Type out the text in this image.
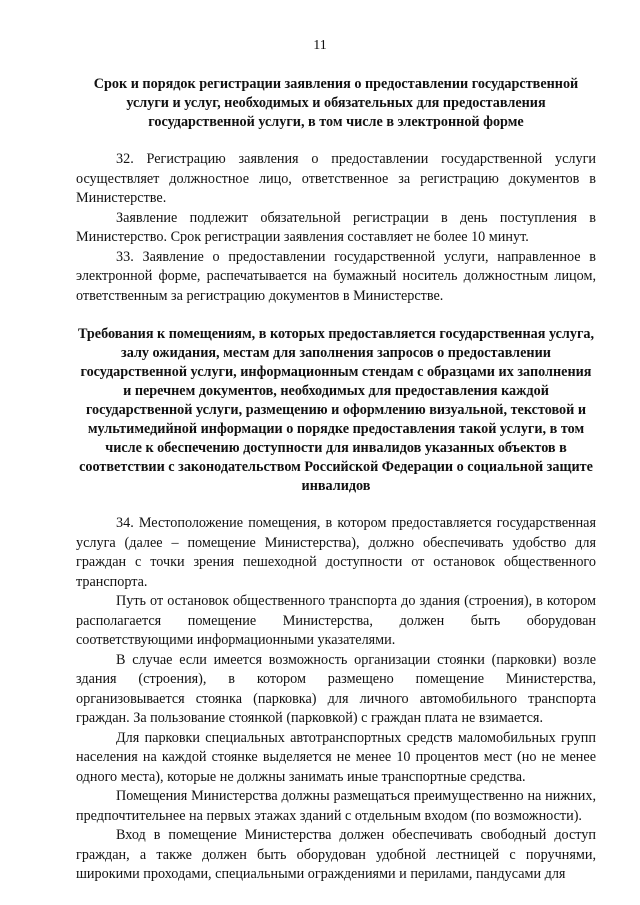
11

Срок и порядок регистрации заявления о предоставлении государственной услуги и услуг, необходимых и обязательных для предоставления государственной услуги, в том числе в электронной форме

32. Регистрацию заявления о предоставлении государственной услуги осуществляет должностное лицо, ответственное за регистрацию документов в Министерстве.

Заявление подлежит обязательной регистрации в день поступления в Министерство. Срок регистрации заявления составляет не более 10 минут.

33. Заявление о предоставлении государственной услуги, направленное в электронной форме, распечатывается на бумажный носитель должностным лицом, ответственным за регистрацию документов в Министерстве.

Требования к помещениям, в которых предоставляется государственная услуга, залу ожидания, местам для заполнения запросов о предоставлении государственной услуги, информационным стендам с образцами их заполнения и перечнем документов, необходимых для предоставления каждой государственной услуги, размещению и оформлению визуальной, текстовой и мультимедийной информации о порядке предоставления такой услуги, в том числе к обеспечению доступности для инвалидов указанных объектов в соответствии с законодательством Российской Федерации о социальной защите инвалидов

34. Местоположение помещения, в котором предоставляется государственная услуга (далее – помещение Министерства), должно обеспечивать удобство для граждан с точки зрения пешеходной доступности от остановок общественного транспорта.

Путь от остановок общественного транспорта до здания (строения), в котором располагается помещение Министерства, должен быть оборудован соответствующими информационными указателями.

В случае если имеется возможность организации стоянки (парковки) возле здания (строения), в котором размещено помещение Министерства, организовывается стоянка (парковка) для личного автомобильного транспорта граждан. За пользование стоянкой (парковкой) с граждан плата не взимается.

Для парковки специальных автотранспортных средств маломобильных групп населения на каждой стоянке выделяется не менее 10 процентов мест (но не менее одного места), которые не должны занимать иные транспортные средства.

Помещения Министерства должны размещаться преимущественно на нижних, предпочтительнее на первых этажах зданий с отдельным входом (по возможности).

Вход в помещение Министерства должен обеспечивать свободный доступ граждан, а также должен быть оборудован удобной лестницей с поручнями, широкими проходами, специальными ограждениями и перилами, пандусами для
